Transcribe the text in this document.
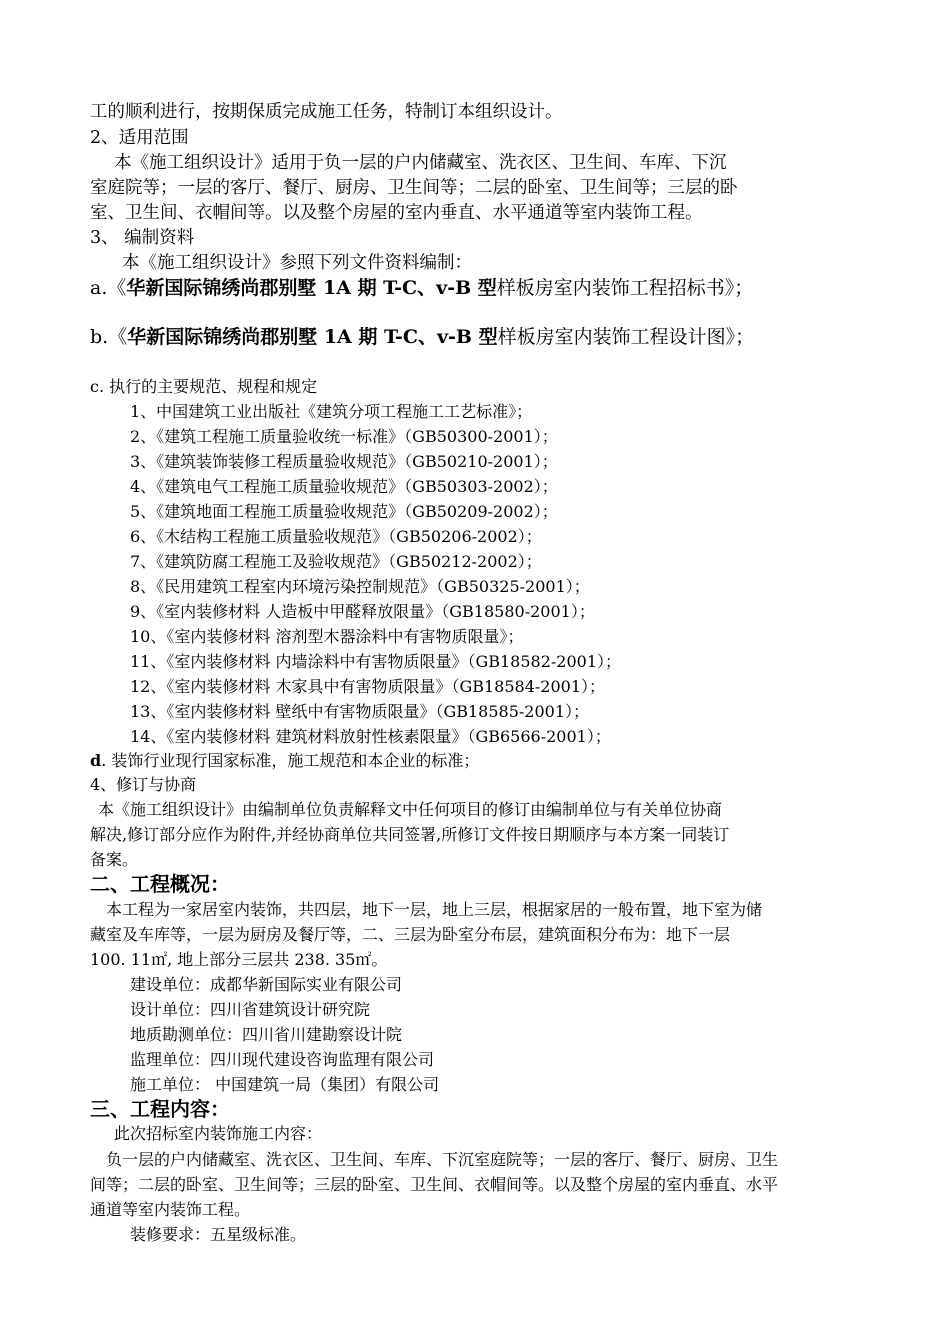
工的顺利进行，按期保质完成施工任务，特制订本组织设计。
2、适用范围
本《施工组织设计》适用于负一层的户内储藏室、洗衣区、卫生间、车库、下沉
室庭院等；一层的客厅、餐厅、厨房、卫生间等；二层的卧室、卫生间等；三层的卧
室、卫生间、衣帽间等。以及整个房屋的室内垂直、水平通道等室内装饰工程。
3、 编制资料
本《施工组织设计》参照下列文件资料编制：
a.《华新国际锦绣尚郡别墅 1A 期 T-C、v-B 型样板房室内装饰工程招标书》；
b.《华新国际锦绣尚郡别墅 1A 期 T-C、v-B 型样板房室内装饰工程设计图》；
c. 执行的主要规范、规程和规定
1、中国建筑工业出版社《建筑分项工程施工工艺标准》；
2、《建筑工程施工质量验收统一标准》（GB50300-2001）；
3、《建筑装饰装修工程质量验收规范》（GB50210-2001）；
4、《建筑电气工程施工质量验收规范》（GB50303-2002）；
5、《建筑地面工程施工质量验收规范》（GB50209-2002）；
6、《木结构工程施工质量验收规范》（GB50206-2002）；
7、《建筑防腐工程施工及验收规范》（GB50212-2002）；
8、《民用建筑工程室内环境污染控制规范》（GB50325-2001）；
9、《室内装修材料 人造板中甲醛释放限量》（GB18580-2001）；
10、《室内装修材料 溶剂型木器涂料中有害物质限量》；
11、《室内装修材料 内墙涂料中有害物质限量》（GB18582-2001）；
12、《室内装修材料 木家具中有害物质限量》（GB18584-2001）；
13、《室内装修材料 壁纸中有害物质限量》（GB18585-2001）；
14、《室内装修材料 建筑材料放射性核素限量》（GB6566-2001）；
d. 装饰行业现行国家标准，施工规范和本企业的标准；
4、修订与协商
本《施工组织设计》由编制单位负责解释文中任何项目的修订由编制单位与有关单位协商
解决,修订部分应作为附件,并经协商单位共同签署,所修订文件按日期顺序与本方案一同装订
备案。
二、工程概况：
本工程为一家居室内装饰，共四层，地下一层，地上三层，根据家居的一般布置，地下室为储
藏室及车库等，一层为厨房及餐厅等，二、三层为卧室分布层，建筑面积分布为：地下一层
100. 11㎡, 地上部分三层共 238. 35㎡。
建设单位：成都华新国际实业有限公司
设计单位：四川省建筑设计研究院
地质勘测单位：四川省川建勘察设计院
监理单位：四川现代建设咨询监理有限公司
施工单位： 中国建筑一局（集团）有限公司
三、工程内容：
此次招标室内装饰施工内容：
负一层的户内储藏室、洗衣区、卫生间、车库、下沉室庭院等；一层的客厅、餐厅、厨房、卫生
间等；二层的卧室、卫生间等；三层的卧室、卫生间、衣帽间等。以及整个房屋的室内垂直、水平
通道等室内装饰工程。
装修要求：五星级标准。
